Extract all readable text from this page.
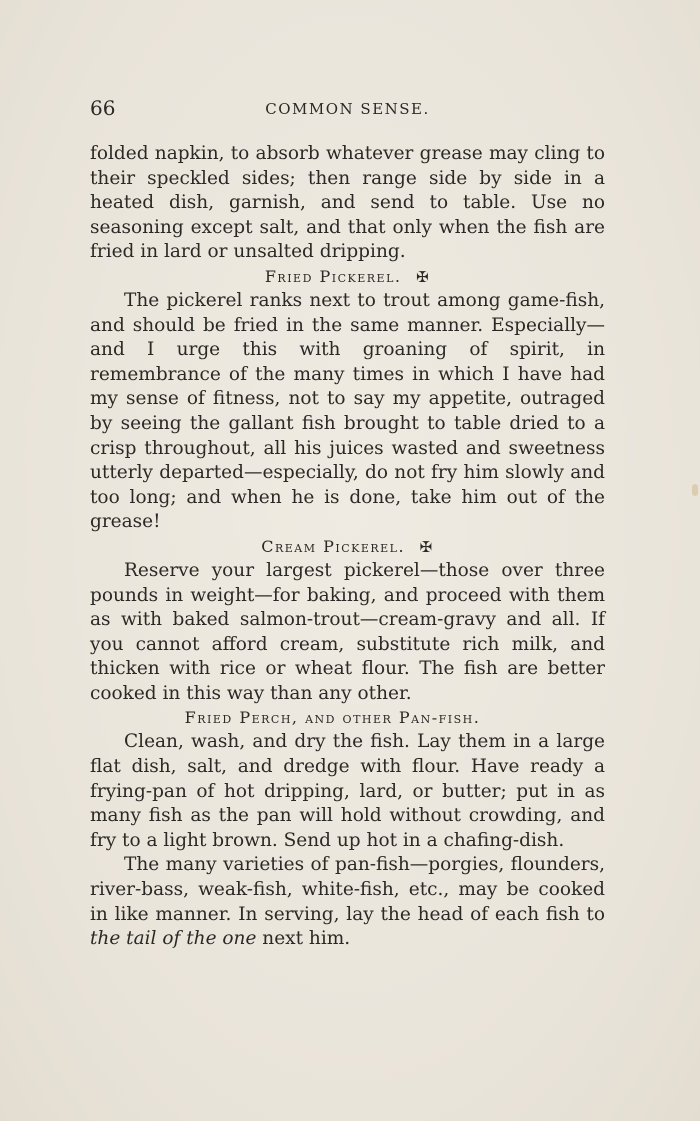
66	COMMON SENSE.

folded napkin, to absorb whatever grease may cling to their speckled sides; then range side by side in a heated dish, garnish, and send to table. Use no seasoning except salt, and that only when the fish are fried in lard or unsalted dripping.

Fried Pickerel. ✠

The pickerel ranks next to trout among game-fish, and should be fried in the same manner. Especially—and I urge this with groaning of spirit, in remembrance of the many times in which I have had my sense of fitness, not to say my appetite, outraged by seeing the gallant fish brought to table dried to a crisp throughout, all his juices wasted and sweetness utterly departed—especially, do not fry him slowly and too long; and when he is done, take him out of the grease!

Cream Pickerel. ✠

Reserve your largest pickerel—those over three pounds in weight—for baking, and proceed with them as with baked salmon-trout—cream-gravy and all. If you cannot afford cream, substitute rich milk, and thicken with rice or wheat flour. The fish are better cooked in this way than any other.

Fried Perch, and other Pan-fish.

Clean, wash, and dry the fish. Lay them in a large flat dish, salt, and dredge with flour. Have ready a frying-pan of hot dripping, lard, or butter; put in as many fish as the pan will hold without crowding, and fry to a light brown. Send up hot in a chafing-dish.

The many varieties of pan-fish—porgies, flounders, river-bass, weak-fish, white-fish, etc., may be cooked in like manner. In serving, lay the head of each fish to the tail of the one next him.
